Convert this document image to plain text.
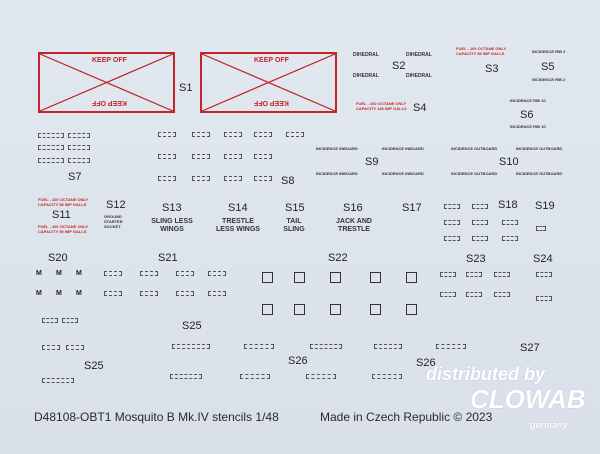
KEEP OFF
KEEP OFF
KEEP OFF
KEEP OFF
S1
DIHEDRAL	DIHEDRAL
S2
DIHEDRAL	DIHEDRAL
FUEL - 100 OCTANE ONLY CAPACITY 58 IMP GALLS
S3
INCIDENCE RIB 2
S5
INCIDENCE RIB 2
FUEL - 100 OCTANE ONLY CAPACITY 146 IMP GALLS S4
INCIDENCE RIB 10
S6
INCIDENCE RIB 10
S7	S8
INCIDENCE INBOARD	INCIDENCE INBOARD
S9
INCIDENCE INBOARD	INCIDENCE INBOARD
INCIDENCE OUTBOARD	INCIDENCE OUTBOARD
S10
INCIDENCE OUTBOARD	INCIDENCE OUTBOARD
FUEL - 100 OCTANE ONLY CAPACITY 58 IMP GALLS
S11
FUEL - 100 OCTANE ONLY CAPACITY 55 IMP GALLS
S12
GROUND STARTER SOCKET
S13
SLING LESS WINGS
S14
TRESTLE LESS WINGS
S15
TAIL SLING
S16
JACK AND TRESTLE
S17	S18 S19
S20
M M M
M M M
S21	S22	S23	S24
S25
S27
S25	S26	S26
distributed by
CLOWAB
germany
D48108-OBT1 Mosquito B Mk.IV stencils 1/48	Made in Czech Republic © 2023
